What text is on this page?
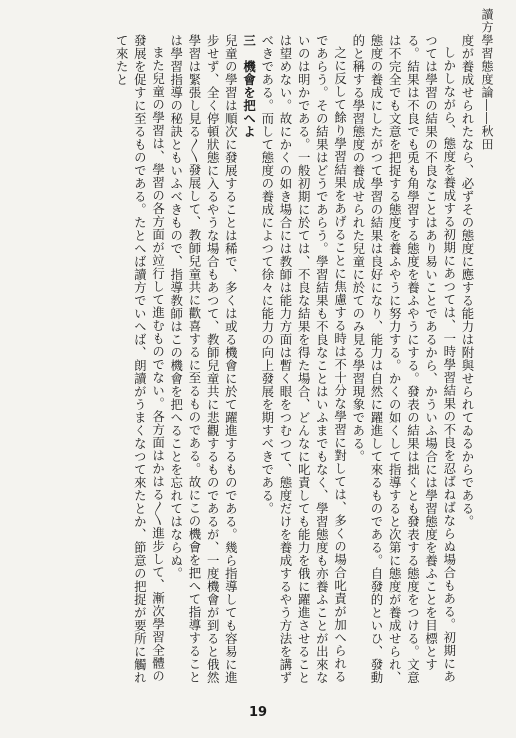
讀方學習態度論――秋田

度が養成せられたなら、必ずその態度に應する能力は附與せられてゐるからである。

しかしながら、態度を養成する初期にあつては、一時學習結果の不良を忍ばねばならぬ場合もある。初期にあつては學習の結果の不良なことはあり易いことであるから、かういふ場合には學習態度を養ふことを目標とする。結果は不良でも兎も角學習する態度を養ふやうにする。發表の結果は拙くとも發表する態度をつける。文意は不完全でも文意を把捉する態度を養ふやうに努力する。かくの如くして指導すると次第に態度が養成せられ、態度の養成にしたがつて學習の結果は良好になり、能力は自然に躍進して來るものである。自發的といひ、發動的と稱する學習態度の養成せられた兒童に於てのみ見る學習現象である。

之に反して餘り學習結果をあげることに焦慮する時は不十分な學習に對しては、多くの場合叱責が加へられるであらう。その結果はどうであらう。學習結果も不良なことはいふまでもなく、學習態度も亦養ふことが出來ないのは明かである。一般初期に於ては、不良な結果を得た場合、どんなに叱責しても能力を俄に躍進させることは望めない。故にかくの如き場合には教師は能力方面は暫く眼をつむつて、態度だけを養成するやう方法を講ずべきである。而して態度の養成によつて徐々に能力の向上發展を期すべきである。

三　機會を把へよ

兒童の學習は順次に發展することは稀で、多くは或る機會に於て躍進するものである。幾ら指導しても容易に進步せず、全く停頓狀態に入るやうな場合もあつて、教師兒童共に悲觀するものであるが、一度機會が到ると俄然學習は緊張し見る〳〵發展して、教師兒童共に歡喜するに至るものである。故にこの機會を把へて指導することは學習指導の秘訣ともいふべきもので、指導教師はこの機會を把へることを忘れてはならぬ。

また兒童の學習は、學習の各方面が竝行して進むものでない。各方面はかはる〳〵進步して、漸次學習全體の發展を促すに至るものである。たとへば讀方でいへば、朗讀がうまくなつて來たとか、節意の把捉が要所に觸れて來たと

19
